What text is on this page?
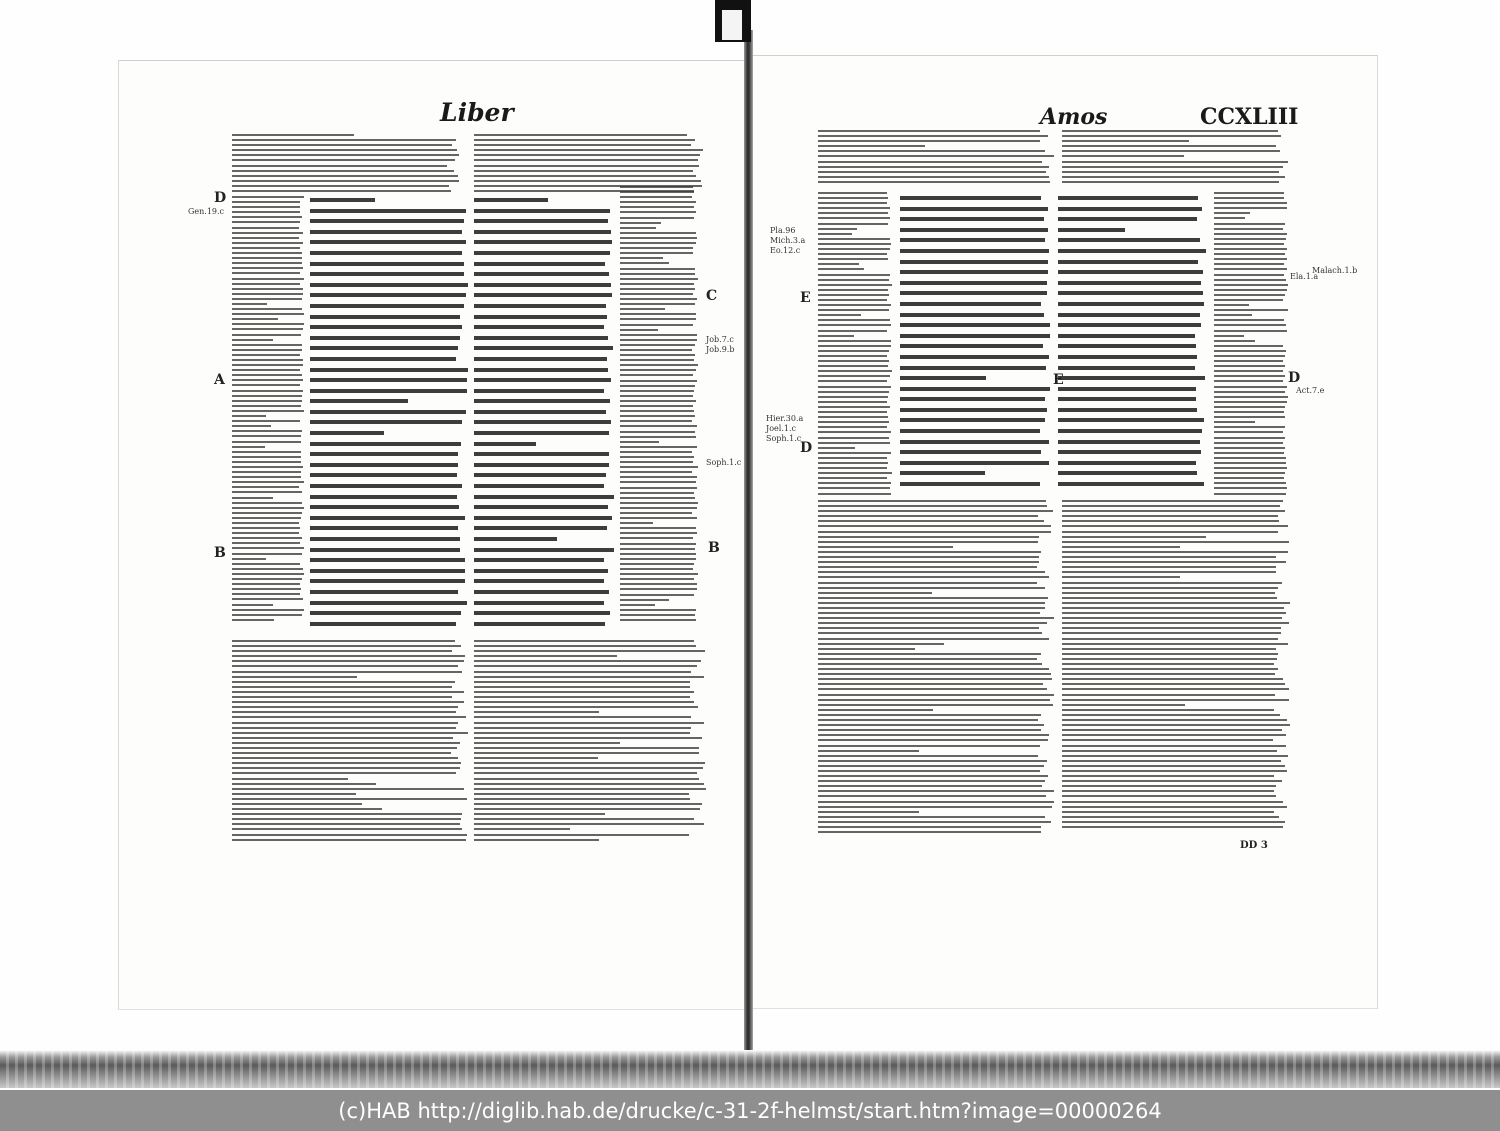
Liber
Gen.19.c
Job.7.c
Job.9.b
Soph.1.c
D
A
B	B
C
Amos	CCXLIII
Pla.96
Mich.3.a
Eo.12.c
Hier.30.a
Joel.1.c
Soph.1.c
Ela.1.a
Malach.1.b
Act.7.e
E
E	D
D
DD 3
(c)HAB http://diglib.hab.de/drucke/c-31-2f-helmst/start.htm?image=00000264
